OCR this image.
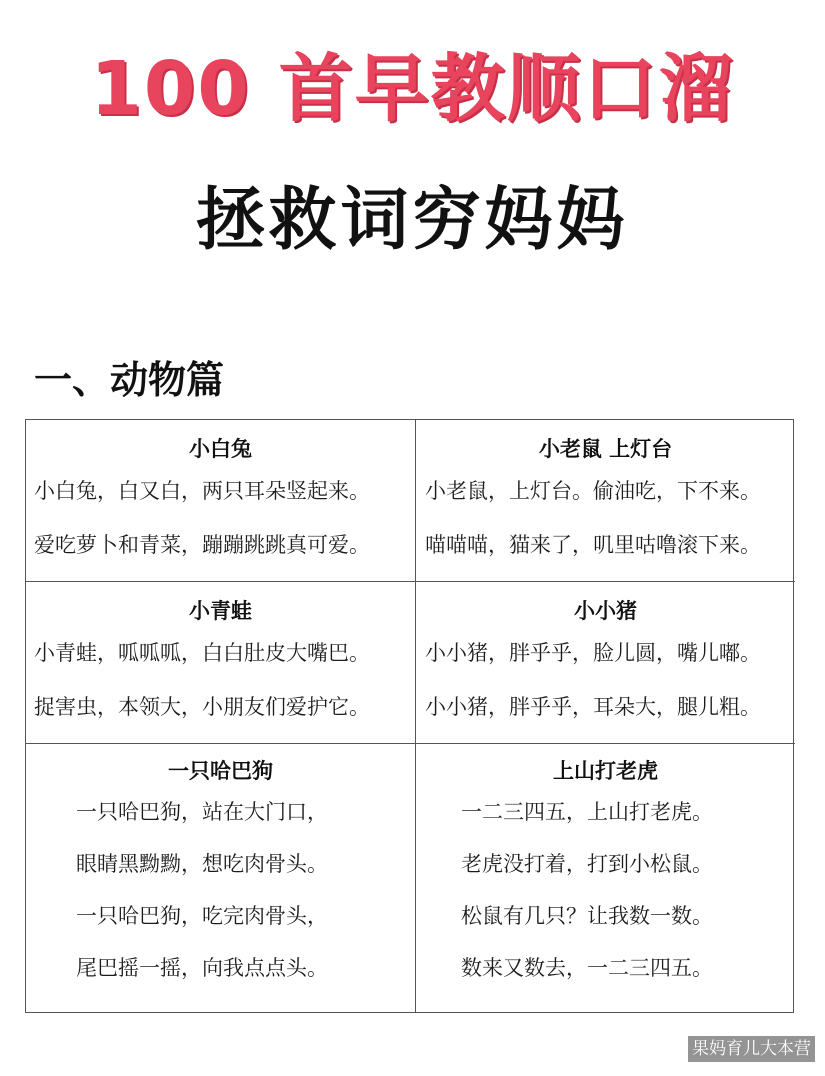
100 首早教顺口溜
拯救词穷妈妈
一、动物篇
小白兔
小白兔，白又白，两只耳朵竖起来。
爱吃萝卜和青菜，蹦蹦跳跳真可爱。
小老鼠 上灯台
小老鼠，上灯台。偷油吃，下不来。
喵喵喵，猫来了，叽里咕噜滚下来。
小青蛙
小青蛙，呱呱呱，白白肚皮大嘴巴。
捉害虫，本领大，小朋友们爱护它。
小小猪
小小猪，胖乎乎，脸儿圆，嘴儿嘟。
小小猪，胖乎乎，耳朵大，腿儿粗。
一只哈巴狗
一只哈巴狗，站在大门口，
眼睛黑黝黝，想吃肉骨头。
一只哈巴狗，吃完肉骨头，
尾巴摇一摇，向我点点头。
上山打老虎
一二三四五，上山打老虎。
老虎没打着，打到小松鼠。
松鼠有几只？让我数一数。
数来又数去，一二三四五。
果妈育儿大本营
